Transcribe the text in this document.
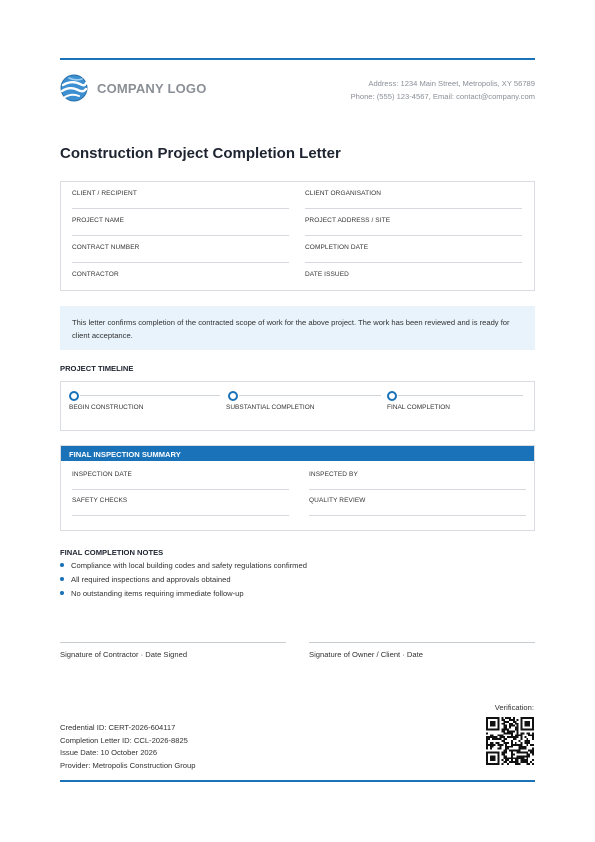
COMPANY LOGO	Address: 1234 Main Street, Metropolis, XY 56789
Phone: (555) 123-4567, Email: contact@company.com
Construction Project Completion Letter
CLIENT / RECIPIENT	CLIENT ORGANISATION
PROJECT NAME	PROJECT ADDRESS / SITE
CONTRACT NUMBER	COMPLETION DATE
CONTRACTOR	DATE ISSUED

This letter confirms completion of the contracted scope of work for the above project. The work has been reviewed and is ready for client acceptance.

PROJECT TIMELINE
BEGIN CONSTRUCTION	SUBSTANTIAL COMPLETION	FINAL COMPLETION
FINAL INSPECTION SUMMARY
INSPECTION DATE	INSPECTED BY
SAFETY CHECKS	QUALITY REVIEW
FINAL COMPLETION NOTES
Compliance with local building codes and safety regulations confirmed
All required inspections and approvals obtained
No outstanding items requiring immediate follow-up
Signature of Contractor · Date Signed	Signature of Owner / Client · Date
Verification:
Credential ID: CERT-2026-604117
Completion Letter ID: CCL-2026-8825
Issue Date: 10 October 2026
Provider: Metropolis Construction Group
